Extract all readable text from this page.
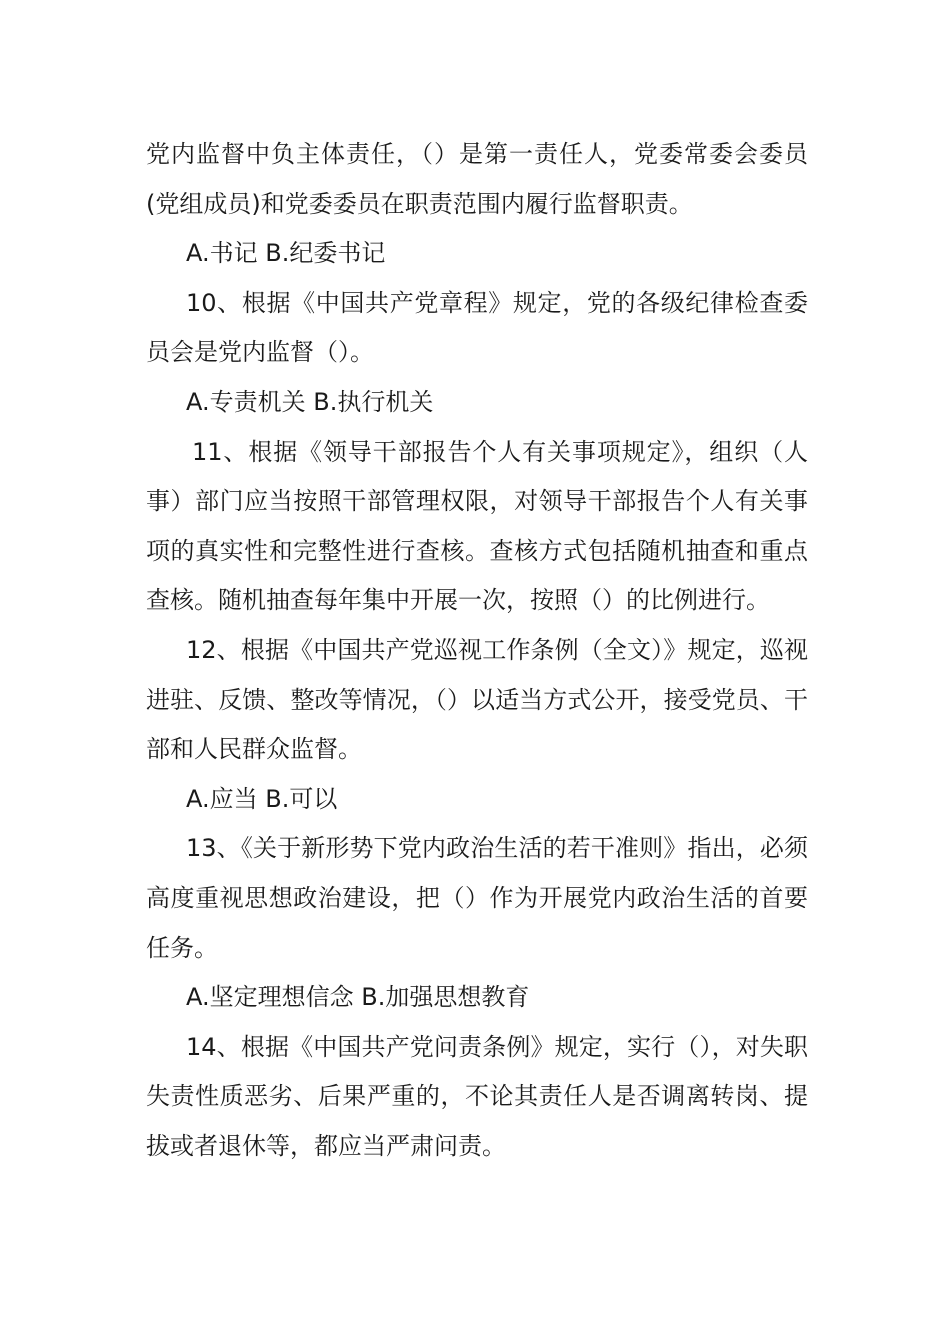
党内监督中负主体责任，（）是第一责任人，党委常委会委员(党组成员)和党委委员在职责范围内履行监督职责。

A.书记 B.纪委书记

10、根据《中国共产党章程》规定，党的各级纪律检查委员会是党内监督（）。

A.专责机关 B.执行机关

11、根据《领导干部报告个人有关事项规定》，组织（人事）部门应当按照干部管理权限，对领导干部报告个人有关事项的真实性和完整性进行查核。查核方式包括随机抽查和重点查核。随机抽查每年集中开展一次，按照（）的比例进行。

12、根据《中国共产党巡视工作条例（全文）》规定，巡视进驻、反馈、整改等情况，（）以适当方式公开，接受党员、干部和人民群众监督。

A.应当 B.可以

13、《关于新形势下党内政治生活的若干准则》指出，必须高度重视思想政治建设，把（）作为开展党内政治生活的首要任务。

A.坚定理想信念 B.加强思想教育

14、根据《中国共产党问责条例》规定，实行（），对失职失责性质恶劣、后果严重的，不论其责任人是否调离转岗、提拔或者退休等，都应当严肃问责。
